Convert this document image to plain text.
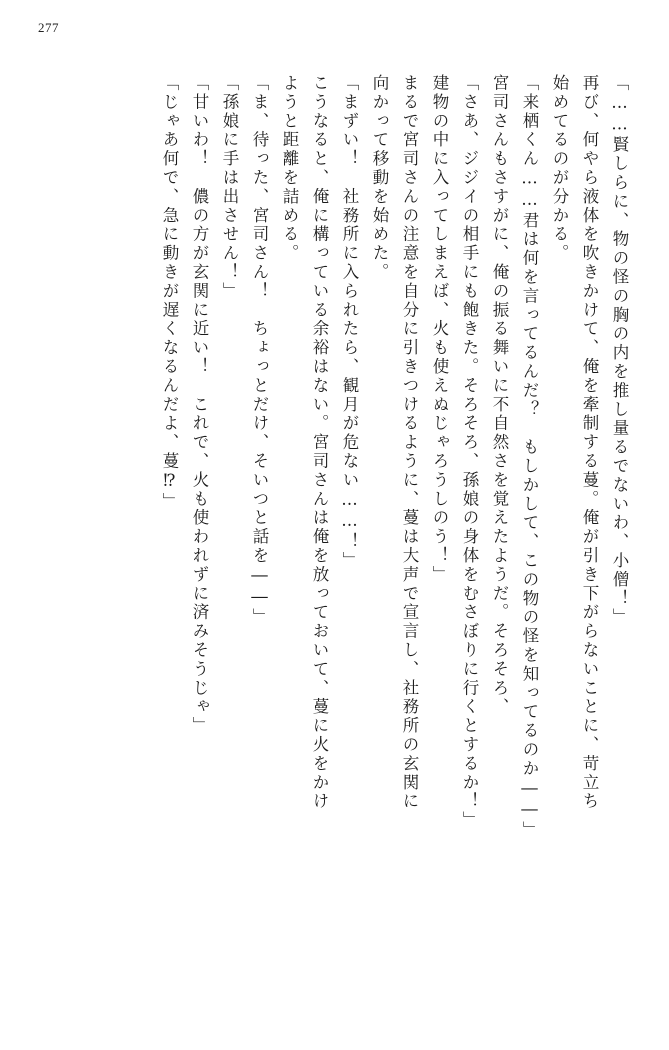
277
「……賢しらに、物の怪の胸の内を推し量るでないわ、小僧！」
再び、何やら液体を吹きかけて、俺を牽制する蔓。俺が引き下がらないことに、苛立ち
始めてるのが分かる。
「来栖くん……君は何を言ってるんだ？　もしかして、この物の怪を知ってるのか――」
宮司さんもさすがに、俺の振る舞いに不自然さを覚えたようだ。そろそろ、
「さあ、ジジイの相手にも飽きた。そろそろ、孫娘の身体をむさぼりに行くとするか！」
建物の中に入ってしまえば、火も使えぬじゃろうしのう！」
まるで宮司さんの注意を自分に引きつけるように、蔓は大声で宣言し、社務所の玄関に
向かって移動を始めた。
「まずい！　社務所に入られたら、観月が危ない……！」
こうなると、俺に構っている余裕はない。宮司さんは俺を放っておいて、蔓に火をかけ
ようと距離を詰める。
「ま、待った、宮司さん！　ちょっとだけ、そいつと話を――」
「孫娘に手は出させん！」
「甘いわ！　儂の方が玄関に近い！　これで、火も使われずに済みそうじゃ」
「じゃあ何で、急に動きが遅くなるんだよ、蔓⁉」
